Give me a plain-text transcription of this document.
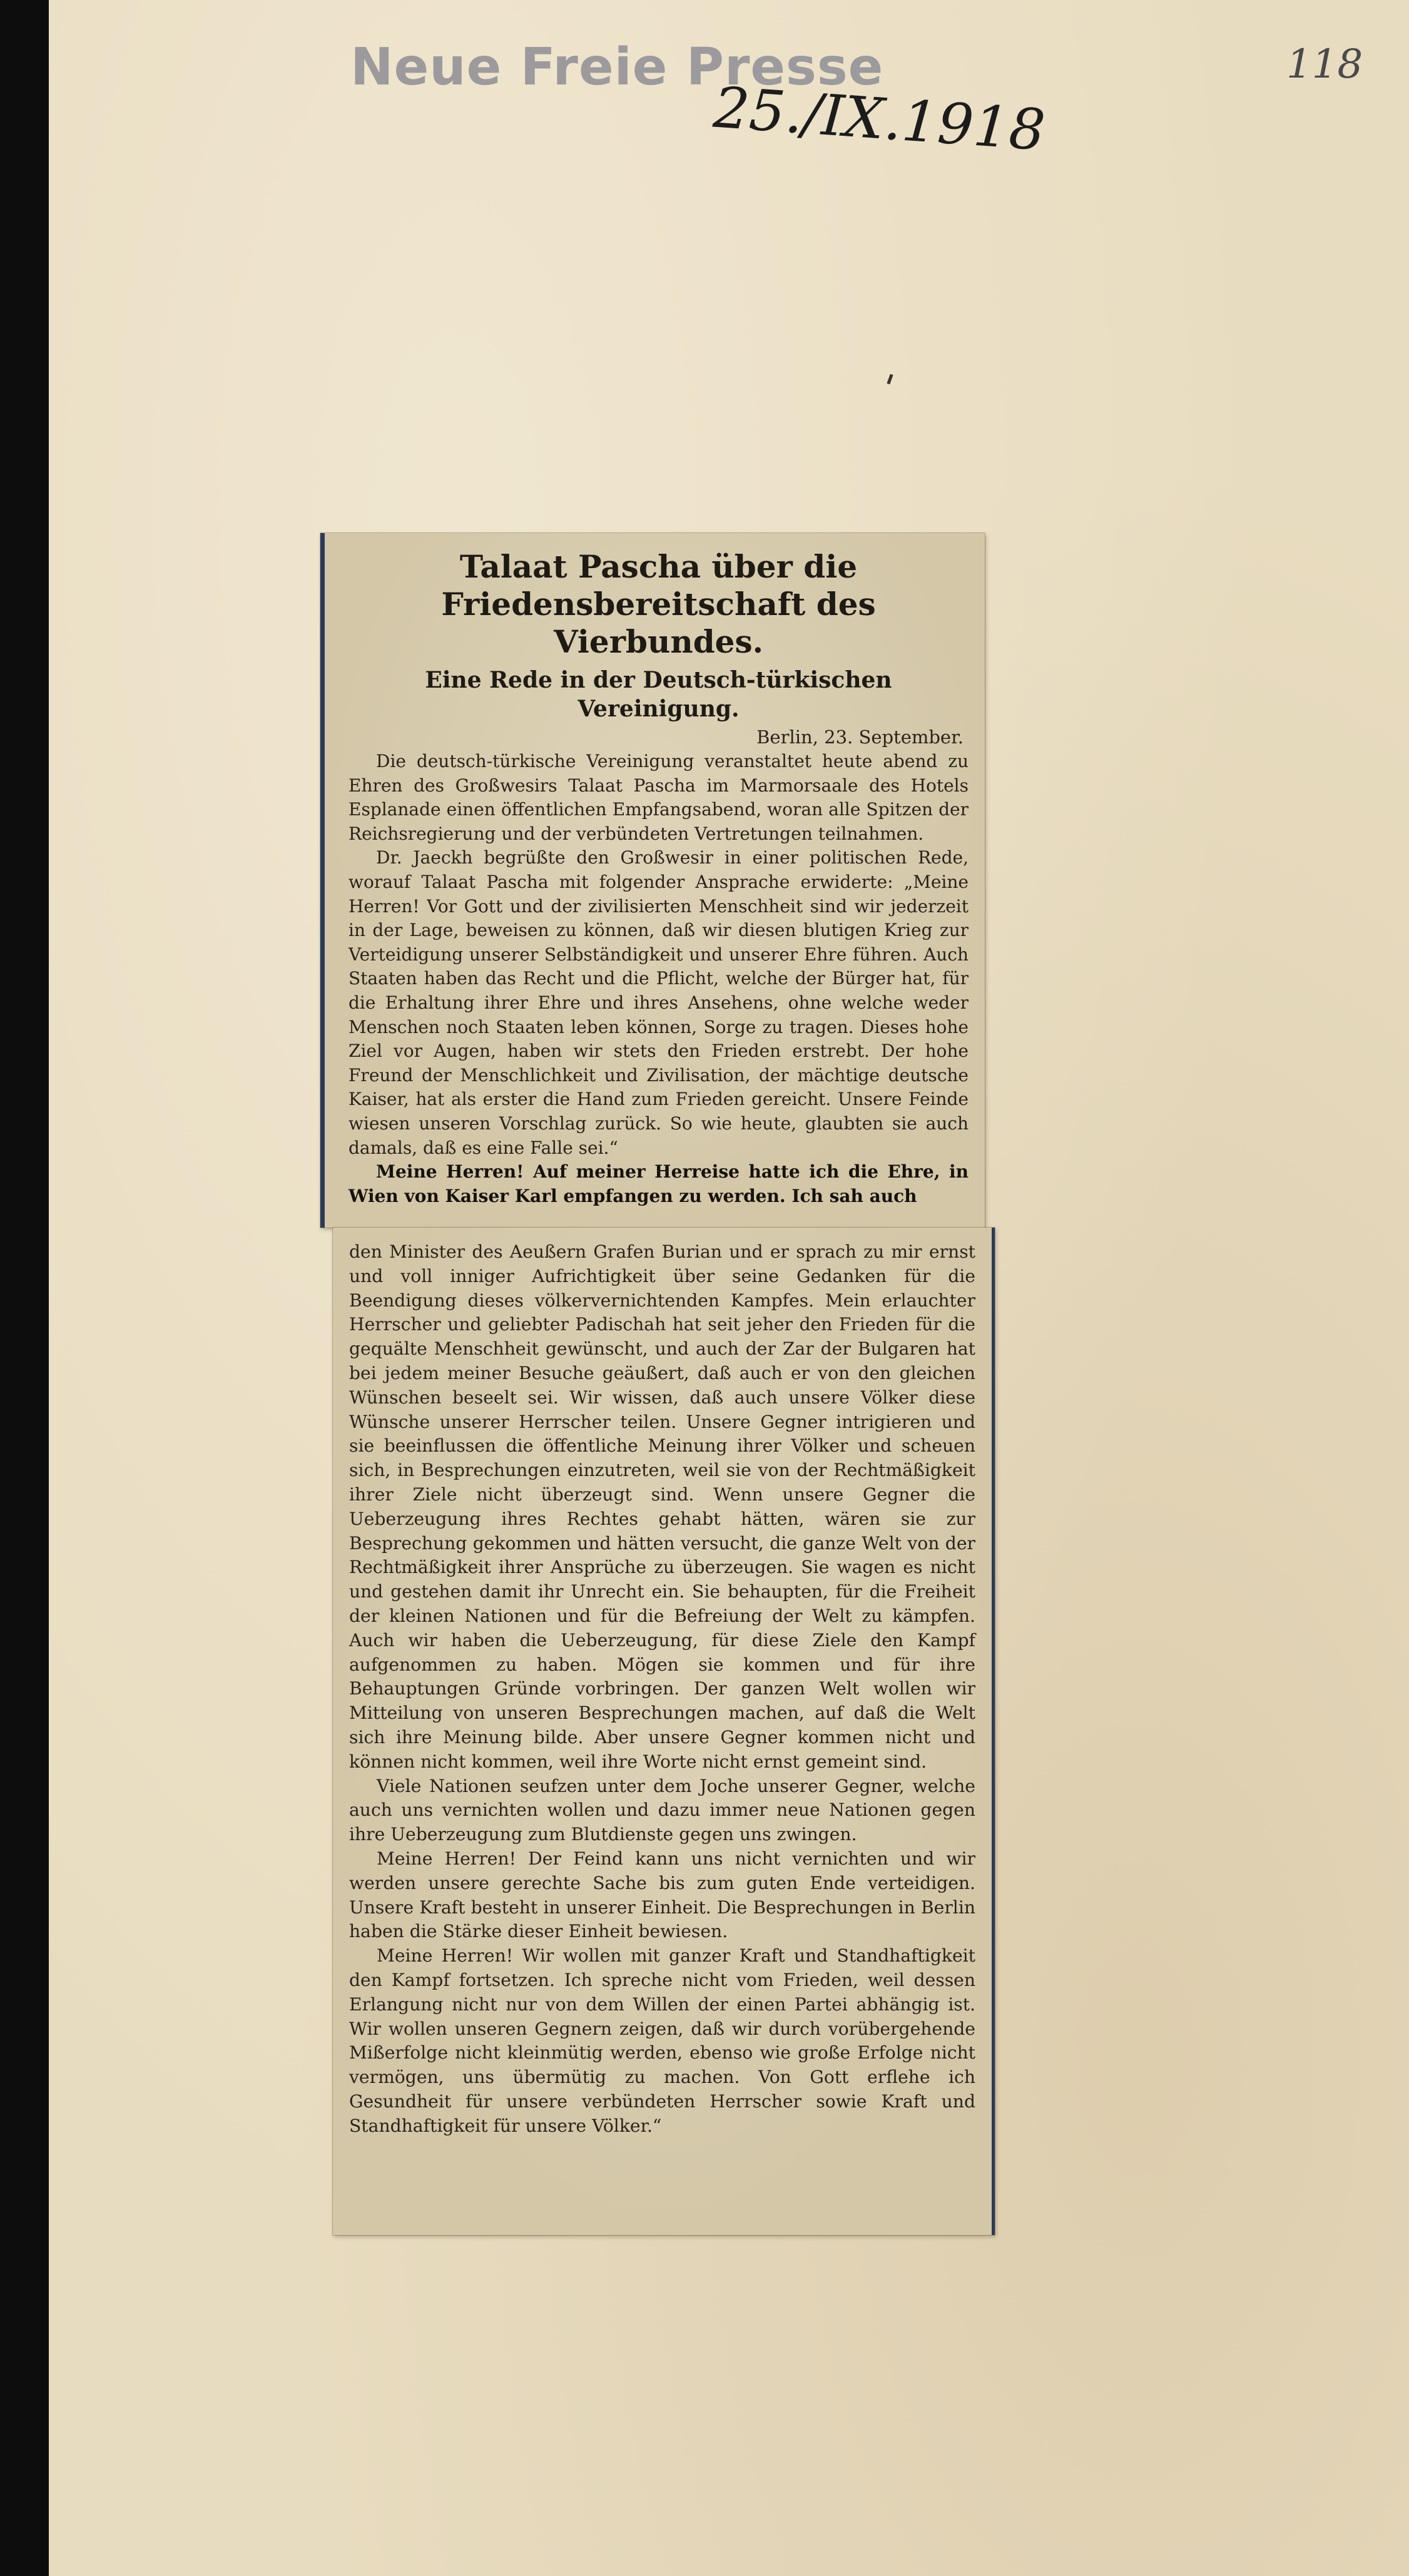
Neue Freie Presse
25./IX.1918
118
Talaat Pascha über die Friedensbereitschaft des Vierbundes.
Eine Rede in der Deutsch-türkischen Vereinigung.
Berlin, 23. September.

Die deutsch-türkische Vereinigung veranstaltet heute abend zu Ehren des Großwesirs Talaat Pascha im Marmorsaale des Hotels Esplanade einen öffentlichen Empfangsabend, woran alle Spitzen der Reichsregierung und der verbündeten Vertretungen teilnahmen.

Dr. Jaeckh begrüßte den Großwesir in einer politischen Rede, worauf Talaat Pascha mit folgender Ansprache erwiderte: „Meine Herren! Vor Gott und der zivilisierten Menschheit sind wir jederzeit in der Lage, beweisen zu können, daß wir diesen blutigen Krieg zur Verteidigung unserer Selbständigkeit und unserer Ehre führen. Auch Staaten haben das Recht und die Pflicht, welche der Bürger hat, für die Erhaltung ihrer Ehre und ihres Ansehens, ohne welche weder Menschen noch Staaten leben können, Sorge zu tragen. Dieses hohe Ziel vor Augen, haben wir stets den Frieden erstrebt. Der hohe Freund der Menschlichkeit und Zivilisation, der mächtige deutsche Kaiser, hat als erster die Hand zum Frieden gereicht. Unsere Feinde wiesen unseren Vorschlag zurück. So wie heute, glaubten sie auch damals, daß es eine Falle sei.“

Meine Herren! Auf meiner Herreise hatte ich die Ehre, in Wien von Kaiser Karl empfangen zu werden. Ich sah auch

den Minister des Aeußern Grafen Burian und er sprach zu mir ernst und voll inniger Aufrichtigkeit über seine Gedanken für die Beendigung dieses völkervernichtenden Kampfes. Mein erlauchter Herrscher und geliebter Padischah hat seit jeher den Frieden für die gequälte Menschheit gewünscht, und auch der Zar der Bulgaren hat bei jedem meiner Besuche geäußert, daß auch er von den gleichen Wünschen beseelt sei. Wir wissen, daß auch unsere Völker diese Wünsche unserer Herrscher teilen. Unsere Gegner intrigieren und sie beeinflussen die öffentliche Meinung ihrer Völker und scheuen sich, in Besprechungen einzutreten, weil sie von der Rechtmäßigkeit ihrer Ziele nicht überzeugt sind. Wenn unsere Gegner die Ueberzeugung ihres Rechtes gehabt hätten, wären sie zur Besprechung gekommen und hätten versucht, die ganze Welt von der Rechtmäßigkeit ihrer Ansprüche zu überzeugen. Sie wagen es nicht und gestehen damit ihr Unrecht ein. Sie behaupten, für die Freiheit der kleinen Nationen und für die Befreiung der Welt zu kämpfen. Auch wir haben die Ueberzeugung, für diese Ziele den Kampf aufgenommen zu haben. Mögen sie kommen und für ihre Behauptungen Gründe vorbringen. Der ganzen Welt wollen wir Mitteilung von unseren Besprechungen machen, auf daß die Welt sich ihre Meinung bilde. Aber unsere Gegner kommen nicht und können nicht kommen, weil ihre Worte nicht ernst gemeint sind.

Viele Nationen seufzen unter dem Joche unserer Gegner, welche auch uns vernichten wollen und dazu immer neue Nationen gegen ihre Ueberzeugung zum Blutdienste gegen uns zwingen.

Meine Herren! Der Feind kann uns nicht vernichten und wir werden unsere gerechte Sache bis zum guten Ende verteidigen. Unsere Kraft besteht in unserer Einheit. Die Besprechungen in Berlin haben die Stärke dieser Einheit bewiesen.

Meine Herren! Wir wollen mit ganzer Kraft und Standhaftigkeit den Kampf fortsetzen. Ich spreche nicht vom Frieden, weil dessen Erlangung nicht nur von dem Willen der einen Partei abhängig ist. Wir wollen unseren Gegnern zeigen, daß wir durch vorübergehende Mißerfolge nicht kleinmütig werden, ebenso wie große Erfolge nicht vermögen, uns übermütig zu machen. Von Gott erflehe ich Gesundheit für unsere verbündeten Herrscher sowie Kraft und Standhaftigkeit für unsere Völker.“
